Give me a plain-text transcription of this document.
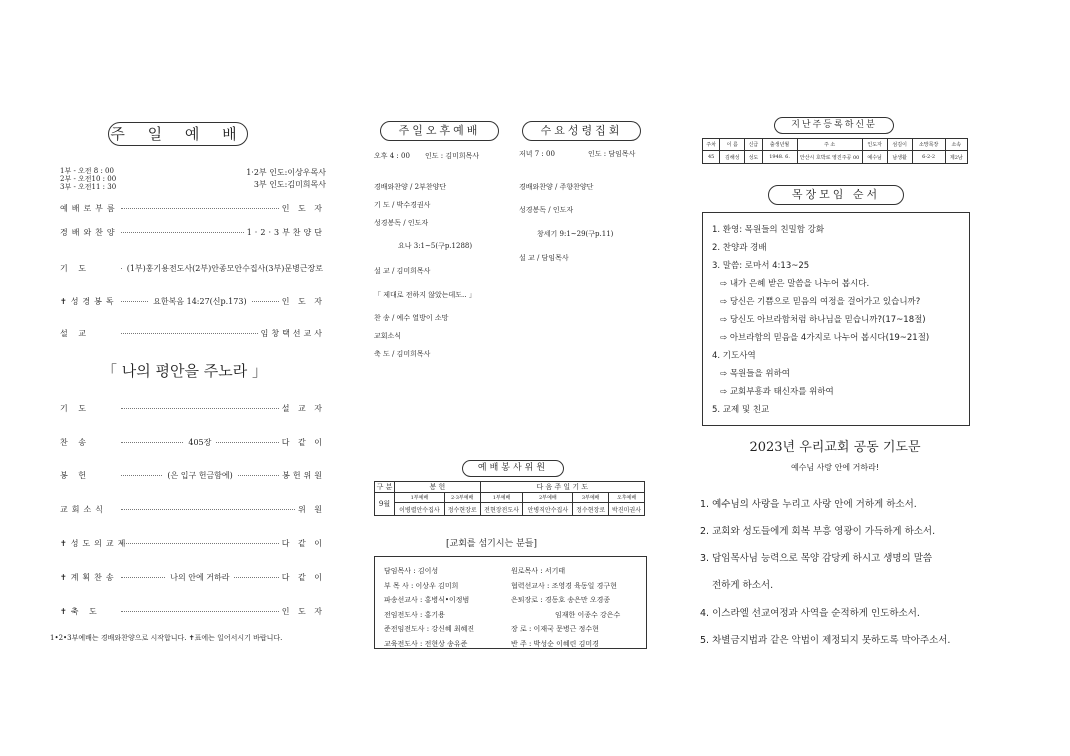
주 일 예 배
1부 - 오전 8 : 00
2부 - 오전10 : 00
3부 - 오전11 : 30
1·2부 인도:이상우목사
3부 인도:김미희목사
예배로부름	인 도 자
경배와찬양	1·2·3부찬양단
기 도	(1부)홍기용전도사(2부)안종모안수집사(3부)문병근장로
✝성경봉독	요한복음 14:27(신p.173)	인 도 자
설 교	임창택선교사
「 나의 평안을 주노라 」
기 도	설 교 자
찬 송	405장	다 같 이
봉 헌	(은 입구 헌금함에)	봉헌위원
교회소식	위 원
✝성도의교제	다 같 이
✝계획찬송	나의 안에 거하라	다 같 이
✝축 도	인 도 자
1•2•3부예배는 경배와찬양으로 시작합니다. ✝표에는 일어서시기 바랍니다.
주일오후예배	수요성령집회
오후 4 : 00 인도 : 김미희목사	저녁 7 : 00	인도 : 담임목사
경배와찬양 / 2부찬양단
기 도 / 박수경권사
성경봉독 / 인도자
요나 3:1~5(구p.1288)
설 교 / 김미희목사
「 제대로 전하지 않았는데도.. 」
찬 송 / 예수 열방이 소망
교회소식
축 도 / 김미희목사
경배와찬양 / 주향찬양단
성경봉독 / 인도자
창세기 9:1~29(구p.11)
설 교 / 담임목사
예배봉사위원
구 분	봉 헌		다 음 주 일 기 도			
9월	1부예배	2·3부예배	1부예배	2부예배	3부예배	오후예배
	이병렬안수집사	정수현장로	전현장전도사	안병직안수집사	정수현장로	박진미권사
[교회를 섬기시는 분들]
담임목사 : 김이성
부 목 사 : 이상우 김미희
파송선교사 : 홍병식•이정범
전임전도사 : 홍기용
준전임전도사 : 강신혜 최혜진
교육전도사 : 전현상 송유준
원로목사 : 서기태
협력선교사 : 조영경 육동일 경구현
은퇴장로 : 경동호 송은만 오경종
임재한 이종수 강은수
장 로 : 이재국 문병근 정수현
반 주 : 박성순 이혜린 김미경
지난주등록하신분
주차	이 름	신급	출생년월	주 소	인도자	섬김이	소망목장	소속
45	김해성	성도	1948. 6.	안산시 호박로 영진주공 00	예수님	남생활	6-2-2	제2남
목장모임 순서
1. 환영: 목원들의 친밀함 강화
2. 찬양과 경배
3. 말씀: 로마서 4:13~25
⇨ 내가 은혜 받은 말씀을 나누어 봅시다.
⇨ 당신은 기쁨으로 믿음의 여정을 걸어가고 있습니까?
⇨ 당신도 아브라함처럼 하나님을 믿습니까?(17~18절)
⇨ 아브라함의 믿음을 4가지로 나누어 봅시다(19~21절)
4. 기도사역
⇨ 목원들을 위하여
⇨ 교회부흥과 태신자를 위하여
5. 교제 및 친교
2023년 우리교회 공동 기도문
예수님 사랑 안에 거하라!
1. 예수님의 사랑을 누리고 사랑 안에 거하게 하소서.
2. 교회와 성도들에게 회복 부흥 영광이 가득하게 하소서.
3. 담임목사님 능력으로 목양 감당케 하시고 생명의 말씀
전하게 하소서.
4. 이스라엘 선교여정과 사역을 순적하게 인도하소서.
5. 차별금지법과 같은 악법이 제정되지 못하도록 막아주소서.
